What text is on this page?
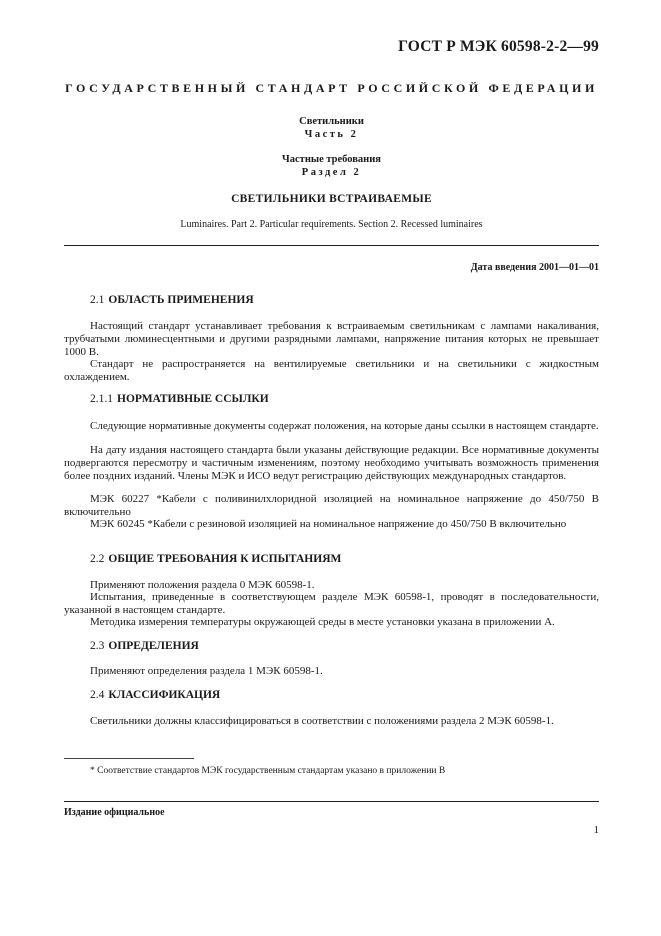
ГОСТ Р МЭК 60598-2-2—99
ГОСУДАРСТВЕННЫЙ СТАНДАРТ РОССИЙСКОЙ ФЕДЕРАЦИИ
Светильники
Часть 2
Частные требования
Раздел 2
СВЕТИЛЬНИКИ ВСТРАИВАЕМЫЕ
Luminaires. Part 2. Particular requirements. Section 2. Recessed luminaires
Дата введения 2001—01—01
2.1 ОБЛАСТЬ ПРИМЕНЕНИЯ
Настоящий стандарт устанавливает требования к встраиваемым светильникам с лампами накаливания, трубчатыми люминесцентными и другими разрядными лампами, напряжение питания которых не превышает 1000 В.
Стандарт не распространяется на вентилируемые светильники и на светильники с жидкостным охлаждением.
2.1.1 НОРМАТИВНЫЕ ССЫЛКИ
Следующие нормативные документы содержат положения, на которые даны ссылки в настоящем стандарте.
На дату издания настоящего стандарта были указаны действующие редакции. Все нормативные документы подвергаются пересмотру и частичным изменениям, поэтому необходимо учитывать возможность применения более поздних изданий. Члены МЭК и ИСО ведут регистрацию действующих международных стандартов.
МЭК 60227 *Кабели с поливинилхлоридной изоляцией на номинальное напряжение до 450/750 В включительно
МЭК 60245 *Кабели с резиновой изоляцией на номинальное напряжение до 450/750 В включительно
2.2 ОБЩИЕ ТРЕБОВАНИЯ К ИСПЫТАНИЯМ
Применяют положения раздела 0 МЭК 60598-1.
Испытания, приведенные в соответствующем разделе МЭК 60598-1, проводят в последовательности, указанной в настоящем стандарте.
Методика измерения температуры окружающей среды в месте установки указана в приложении А.
2.3 ОПРЕДЕЛЕНИЯ
Применяют определения раздела 1 МЭК 60598-1.
2.4 КЛАССИФИКАЦИЯ
Светильники должны классифицироваться в соответствии с положениями раздела 2 МЭК 60598-1.
* Соответствие стандартов МЭК государственным стандартам указано в приложении В
Издание официальное
1
